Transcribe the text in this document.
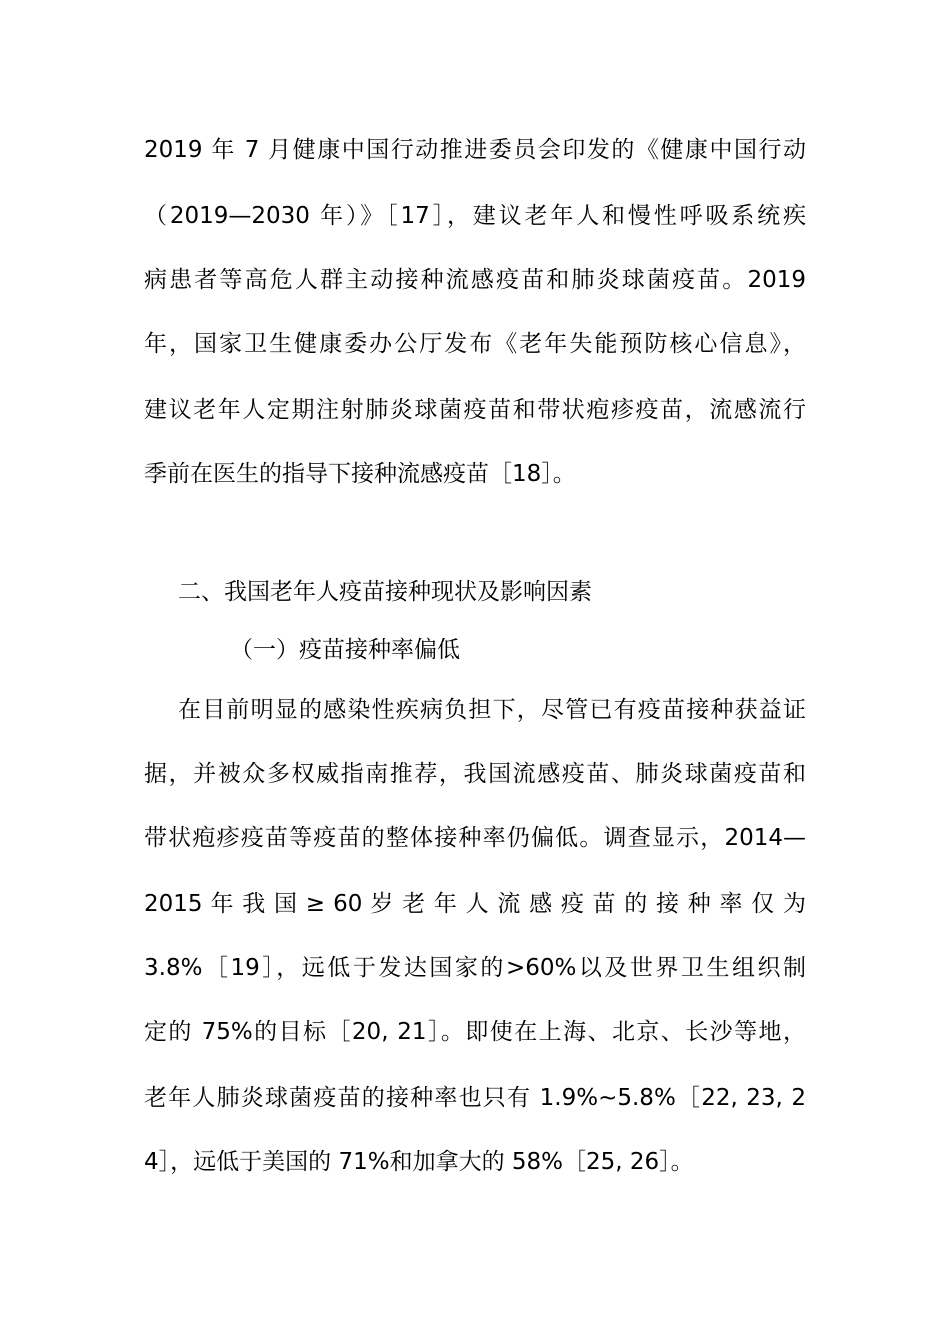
2019 年 7 月健康中国行动推进委员会印发的《健康中国行动
（2019—2030 年）》［17］，建议老年人和慢性呼吸系统疾
病患者等高危人群主动接种流感疫苗和肺炎球菌疫苗。2019
年，国家卫生健康委办公厅发布《老年失能预防核心信息》，
建议老年人定期注射肺炎球菌疫苗和带状疱疹疫苗，流感流行
季前在医生的指导下接种流感疫苗［18］。
二、我国老年人疫苗接种现状及影响因素
（一）疫苗接种率偏低
在目前明显的感染性疾病负担下，尽管已有疫苗接种获益证
据，并被众多权威指南推荐，我国流感疫苗、肺炎球菌疫苗和
带状疱疹疫苗等疫苗的整体接种率仍偏低。调查显示，2014—
2015 年 我 国 ≥ 60 岁 老 年 人 流 感 疫 苗 的 接 种 率 仅 为
3.8%［19］，远低于发达国家的>60%以及世界卫生组织制
定的 75%的目标［20, 21］。即使在上海、北京、长沙等地，
老年人肺炎球菌疫苗的接种率也只有 1.9%~5.8%［22, 23, 2
4］，远低于美国的 71%和加拿大的 58%［25, 26］。
